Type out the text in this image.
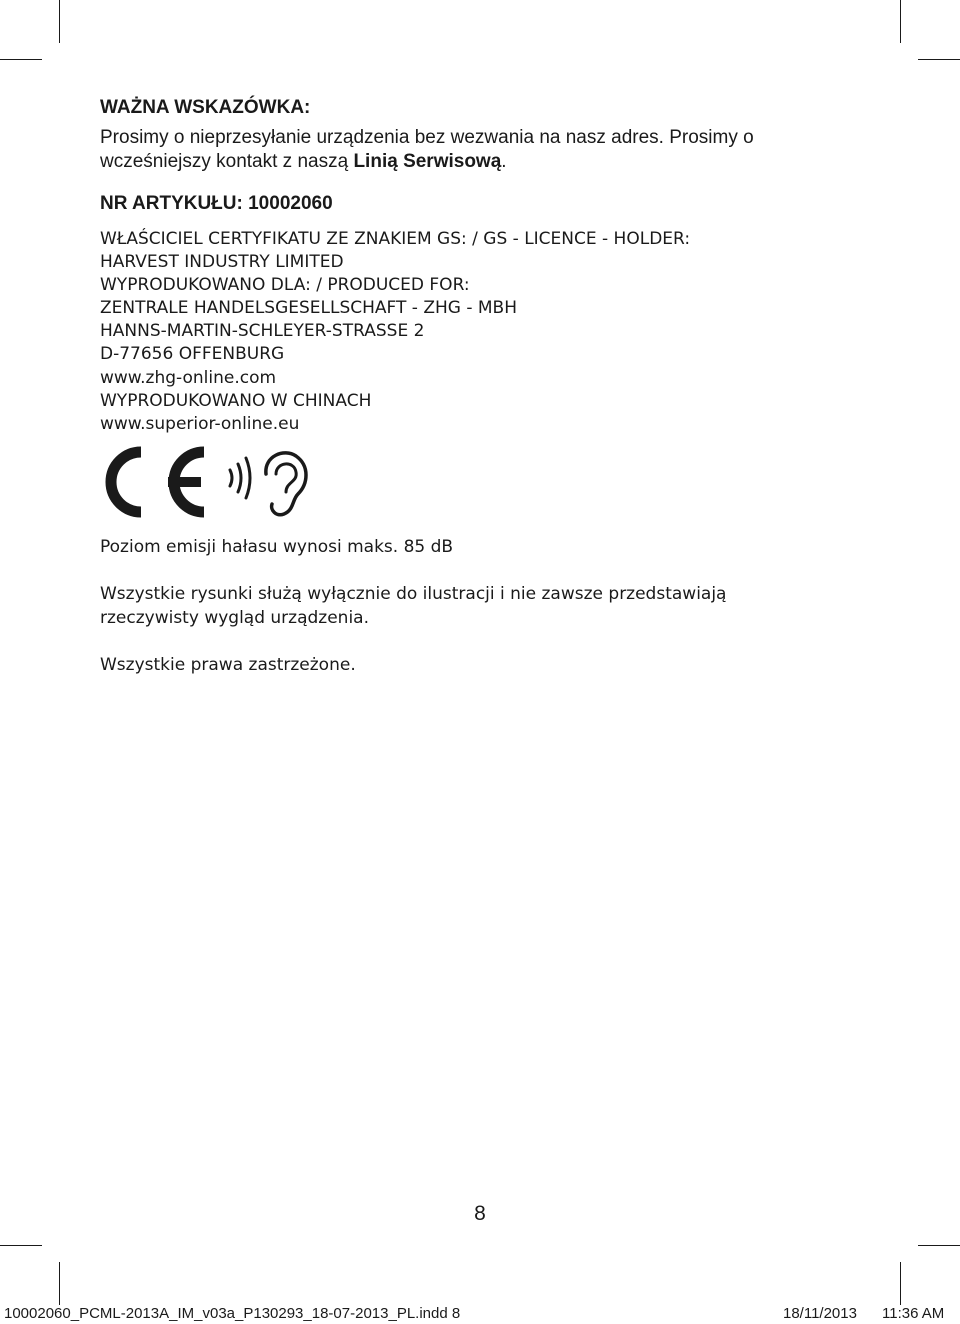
WAŻNA WSKAZÓWKA:

Prosimy o nieprzesyłanie urządzenia bez wezwania na nasz adres. Prosimy o
wcześniejszy kontakt z naszą Linią Serwisową.

NR ARTYKUŁU: 10002060

WŁAŚCICIEL CERTYFIKATU ZE ZNAKIEM GS: / GS - LICENCE - HOLDER:
HARVEST INDUSTRY LIMITED
WYPRODUKOWANO DLA: / PRODUCED FOR:
ZENTRALE HANDELSGESELLSCHAFT - ZHG - MBH
HANNS-MARTIN-SCHLEYER-STRASSE 2
D-77656 OFFENBURG
www.zhg-online.com
WYPRODUKOWANO W CHINACH
www.superior-online.eu

Poziom emisji hałasu wynosi maks. 85 dB

Wszystkie rysunki służą wyłącznie do ilustracji i nie zawsze przedstawiają
rzeczywisty wygląd urządzenia.

Wszystkie prawa zastrzeżone.

8
10002060_PCML-2013A_IM_v03a_P130293_18-07-2013_PL.indd 8	18/11/2013 11:36 AM
